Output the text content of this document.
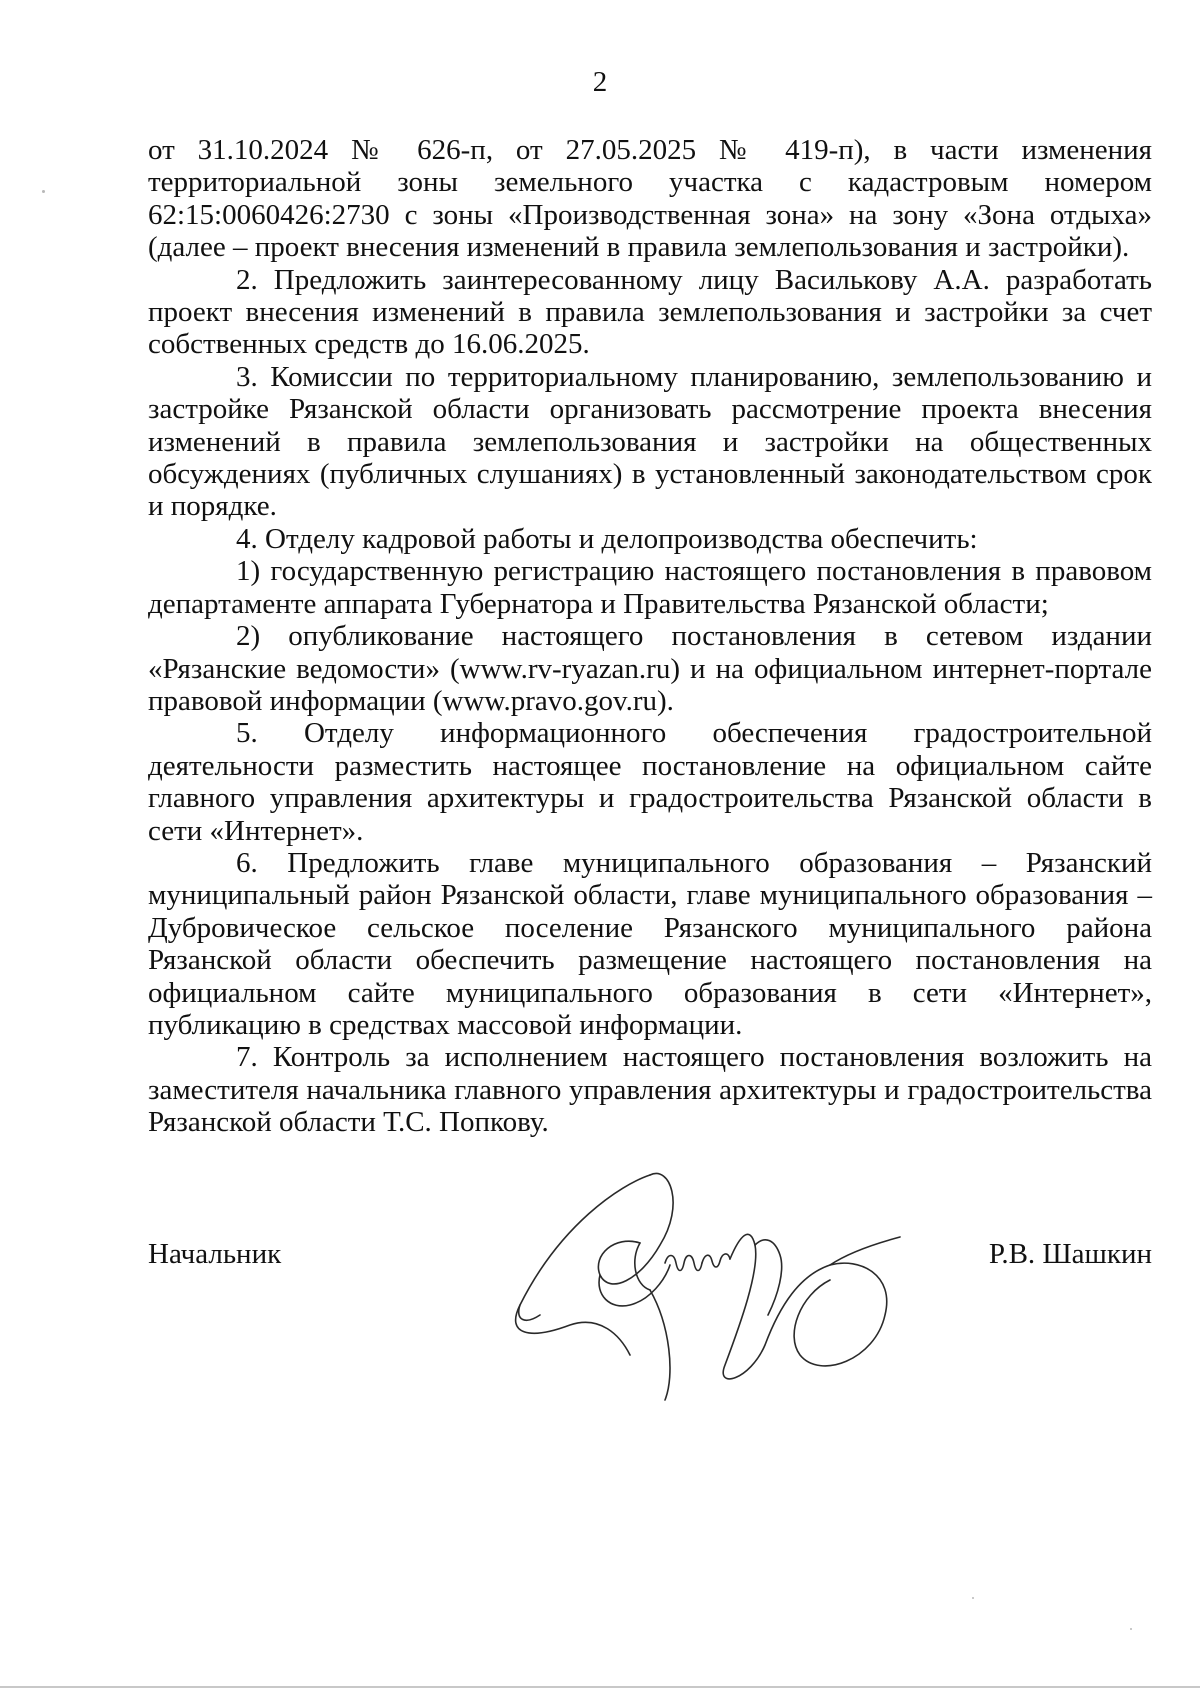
2

от 31.10.2024 № 626-п, от 27.05.2025 № 419-п), в части изменения территориальной зоны земельного участка с кадастровым номером 62:15:0060426:2730 с зоны «Производственная зона» на зону «Зона отдыха» (далее – проект внесения изменений в правила землепользования и застройки).

2. Предложить заинтересованному лицу Василькову А.А. разработать проект внесения изменений в правила землепользования и застройки за счет собственных средств до 16.06.2025.

3. Комиссии по территориальному планированию, землепользованию и застройке Рязанской области организовать рассмотрение проекта внесения изменений в правила землепользования и застройки на общественных обсуждениях (публичных слушаниях) в установленный законодательством срок и порядке.

4. Отделу кадровой работы и делопроизводства обеспечить:

1) государственную регистрацию настоящего постановления в правовом департаменте аппарата Губернатора и Правительства Рязанской области;

2) опубликование настоящего постановления в сетевом издании «Рязанские ведомости» (www.rv-ryazan.ru) и на официальном интернет-портале правовой информации (www.pravo.gov.ru).

5. Отделу информационного обеспечения градостроительной деятельности разместить настоящее постановление на официальном сайте главного управления архитектуры и градостроительства Рязанской области в сети «Интернет».

6. Предложить главе муниципального образования – Рязанский муниципальный район Рязанской области, главе муниципального образования – Дубровическое сельское поселение Рязанского муниципального района Рязанской области обеспечить размещение настоящего постановления на официальном сайте муниципального образования в сети «Интернет», публикацию в средствах массовой информации.

7. Контроль за исполнением настоящего постановления возложить на заместителя начальника главного управления архитектуры и градостроительства Рязанской области Т.С. Попкову.

Начальник	Р.В. Шашкин
